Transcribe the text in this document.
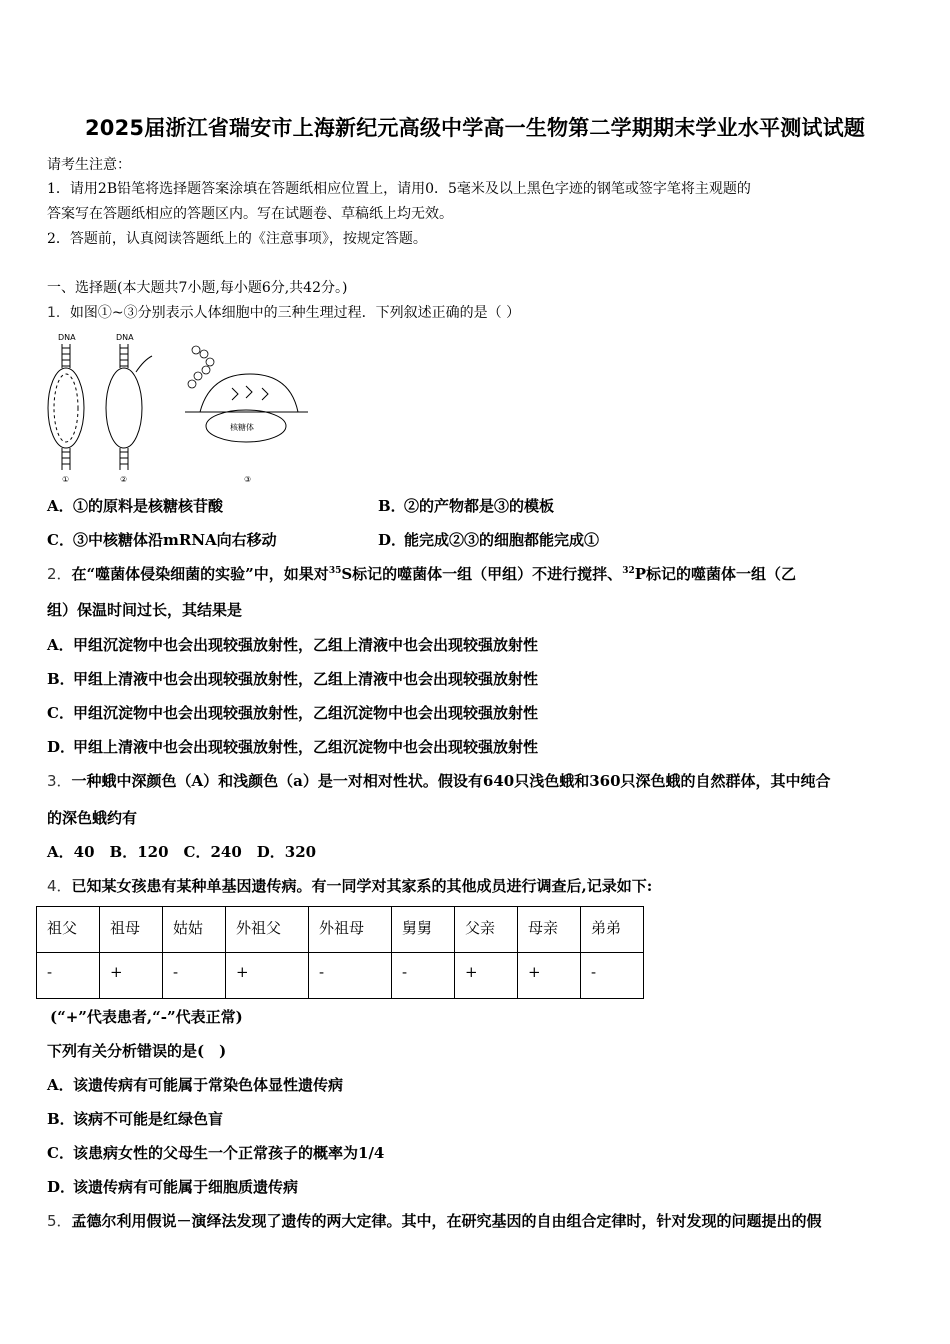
2025届浙江省瑞安市上海新纪元高级中学高一生物第二学期期末学业水平测试试题
请考生注意：
1．请用2B铅笔将选择题答案涂填在答题纸相应位置上，请用0．5毫米及以上黑色字迹的钢笔或签字笔将主观题的
答案写在答题纸相应的答题区内。写在试题卷、草稿纸上均无效。
2．答题前，认真阅读答题纸上的《注意事项》，按规定答题。
一、选择题(本大题共7小题,每小题6分,共42分。)
1．如图①~③分别表示人体细胞中的三种生理过程．下列叙述正确的是（ ）
DNA
①
DNA
②
核糖体
③
A．①的原料是核糖核苷酸	B．②的产物都是③的模板
C．③中核糖体沿mRNA向右移动	D．能完成②③的细胞都能完成①
2．在“噬菌体侵染细菌的实验”中，如果对$^{35}$S标记的噬菌体一组（甲组）不进行搅拌、$^{32}$P标记的噬菌体一组（乙
组）保温时间过长，其结果是
A．甲组沉淀物中也会出现较强放射性，乙组上清液中也会出现较强放射性
B．甲组上清液中也会出现较强放射性，乙组上清液中也会出现较强放射性
C．甲组沉淀物中也会出现较强放射性，乙组沉淀物中也会出现较强放射性
D．甲组上清液中也会出现较强放射性，乙组沉淀物中也会出现较强放射性
3．一种蛾中深颜色（A）和浅颜色（a）是一对相对性状。假设有640只浅色蛾和360只深色蛾的自然群体，其中纯合
的深色蛾约有
A．40　B．120　C．240　D．320
4．已知某女孩患有某种单基因遗传病。有一同学对其家系的其他成员进行调查后,记录如下:
祖父	祖母	姑姑	外祖父	外祖母	舅舅	父亲	母亲	弟弟
-	+	-	+	-	-	+	+	-
(“+”代表患者,“-”代表正常)
下列有关分析错误的是(　)
A．该遗传病有可能属于常染色体显性遗传病
B．该病不可能是红绿色盲
C．该患病女性的父母生一个正常孩子的概率为1/4
D．该遗传病有可能属于细胞质遗传病
5．孟德尔利用假说－演绎法发现了遗传的两大定律。其中，在研究基因的自由组合定律时，针对发现的问题提出的假
